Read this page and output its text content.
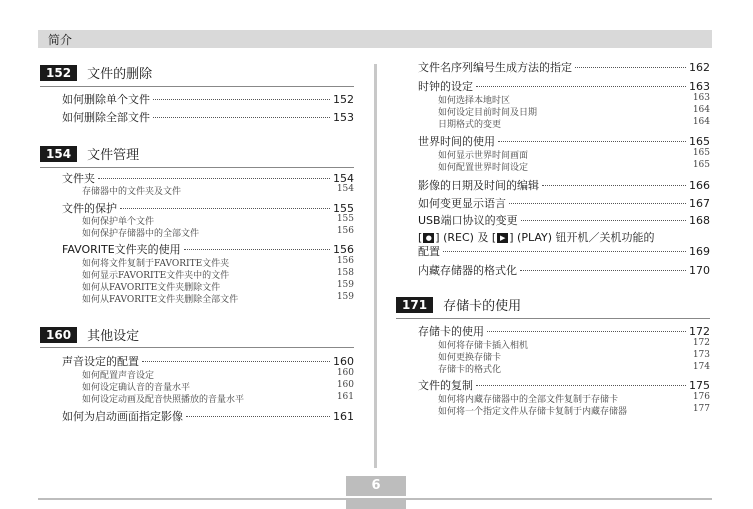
简介
152	文件的删除
如何删除单个文件	152
如何删除全部文件	153
154	文件管理
文件夹	154
存储器中的文件夹及文件	154
文件的保护	155
如何保护单个文件	155
如何保护存储器中的全部文件	156
FAVORITE文件夹的使用	156
如何将文件复制于FAVORITE文件夹	156
如何显示FAVORITE文件夹中的文件	158
如何从FAVORITE文件夹删除文件	159
如何从FAVORITE文件夹删除全部文件	159
160	其他设定
声音设定的配置	160
如何配置声音设定	160
如何设定确认音的音量水平	160
如何设定动画及配音快照播放的音量水平	161
如何为启动画面指定影像	161
文件名序列编号生成方法的指定	162
时钟的设定	163
如何选择本地时区	163
如何设定目前时间及日期	164
日期格式的变更	164
世界时间的使用	165
如何显示世界时间画面	165
如何配置世界时间设定	165
影像的日期及时间的编辑	166
如何变更显示语言	167
USB端口协议的变更	168
[ ● ] (REC) 及 [ ▶ ] (PLAY) 钮开机／关机功能的
配置	169
内藏存储器的格式化	170
171	存储卡的使用
存储卡的使用	172
如何将存储卡插入相机	172
如何更换存储卡	173
存储卡的格式化	174
文件的复制	175
如何将内藏存储器中的全部文件复制于存储卡	176
如何将一个指定文件从存储卡复制于内藏存储器	177
6
